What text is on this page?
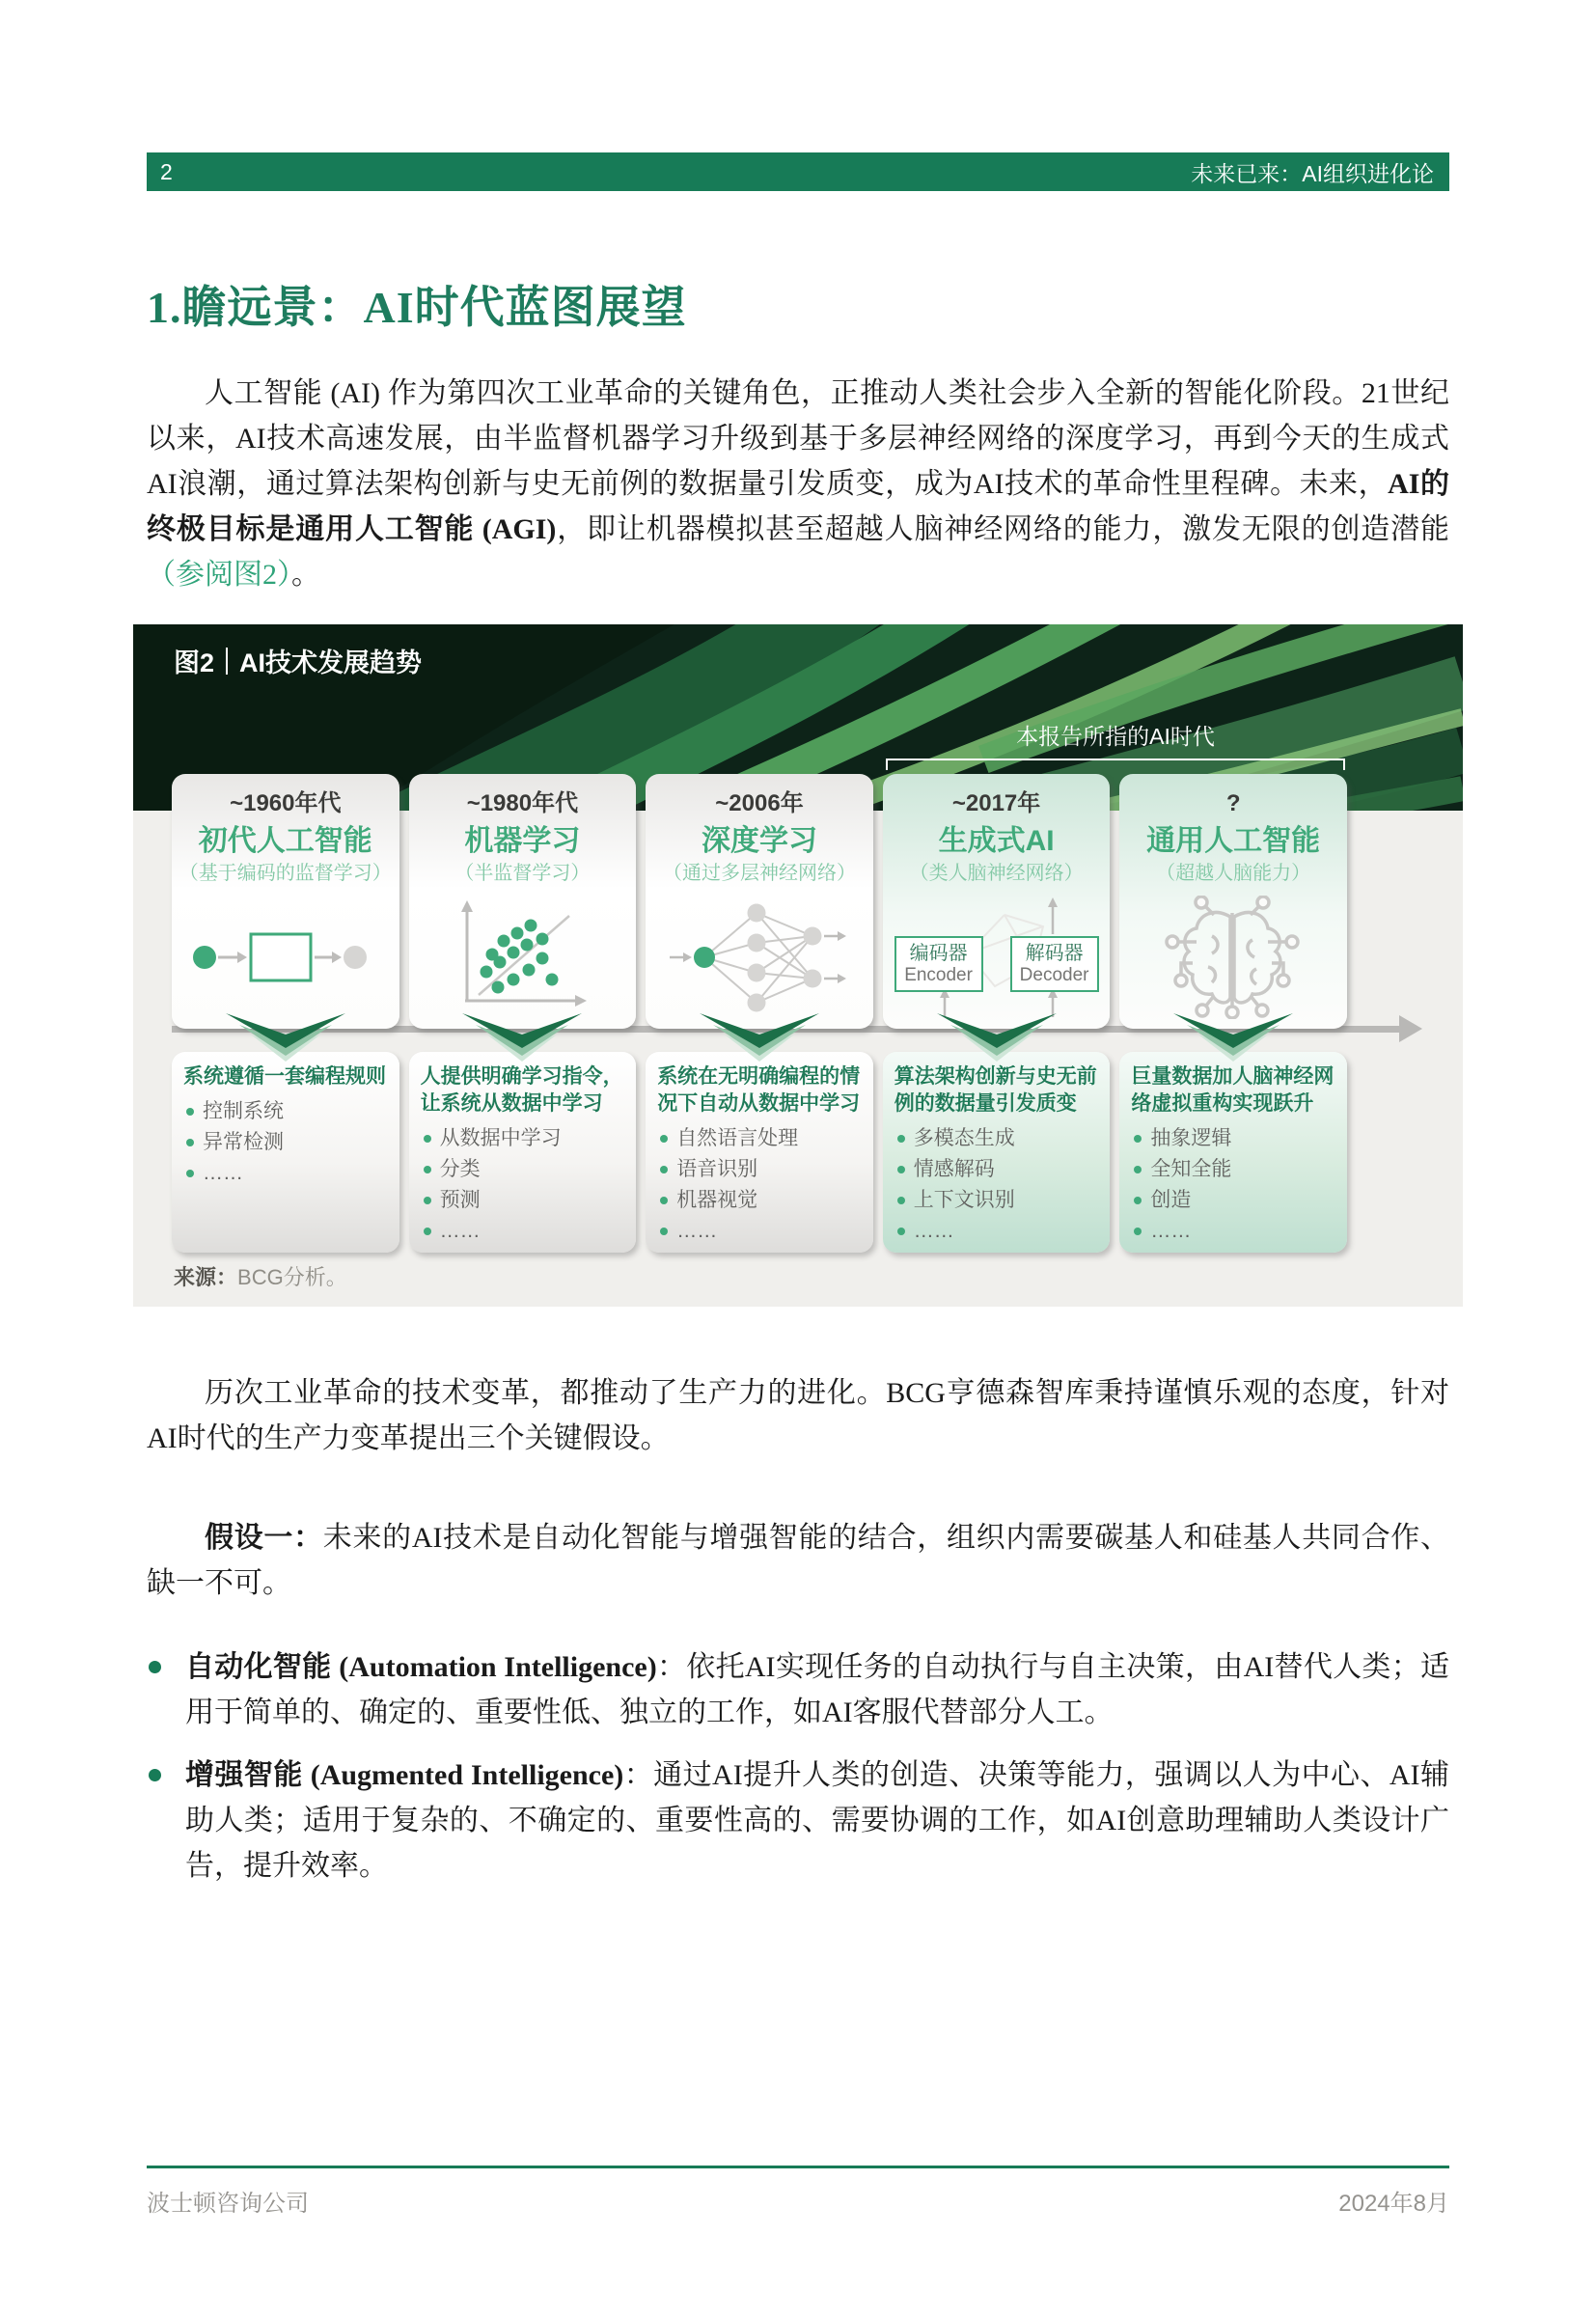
2	未来已来：AI组织进化论
1.瞻远景：AI时代蓝图展望

人工智能 (AI) 作为第四次工业革命的关键角色，正推动人类社会步入全新的智能化阶段。21世纪以来，AI技术高速发展，由半监督机器学习升级到基于多层神经网络的深度学习，再到今天的生成式AI浪潮，通过算法架构创新与史无前例的数据量引发质变，成为AI技术的革命性里程碑。未来，AI的终极目标是通用人工智能 (AGI)，即让机器模拟甚至超越人脑神经网络的能力，激发无限的创造潜能（参阅图2）。

图2 AI技术发展趋势
本报告所指的AI时代
~1960年代
初代人工智能
（基于编码的监督学习）
系统遵循一套编程规则
控制系统
异常检测
……
~1980年代
机器学习
（半监督学习）
人提供明确学习指令，让系统从数据中学习
从数据中学习
分类
预测
……
~2006年
深度学习
（通过多层神经网络）
系统在无明确编程的情况下自动从数据中学习
自然语言处理
语音识别
机器视觉
……
~2017年
生成式AI
（类人脑神经网络）
编码器
Encoder
解码器
Decoder
算法架构创新与史无前例的数据量引发质变
多模态生成
情感解码
上下文识别
……
?
通用人工智能
（超越人脑能力）
巨量数据加人脑神经网络虚拟重构实现跃升
抽象逻辑
全知全能
创造
……
来源：BCG分析。

历次工业革命的技术变革，都推动了生产力的进化。BCG亨德森智库秉持谨慎乐观的态度，针对AI时代的生产力变革提出三个关键假设。

假设一：未来的AI技术是自动化智能与增强智能的结合，组织内需要碳基人和硅基人共同合作、缺一不可。

自动化智能 (Automation Intelligence)：依托AI实现任务的自动执行与自主决策，由AI替代人类；适用于简单的、确定的、重要性低、独立的工作，如AI客服代替部分人工。
增强智能 (Augmented Intelligence)：通过AI提升人类的创造、决策等能力，强调以人为中心、AI辅助人类；适用于复杂的、不确定的、重要性高的、需要协调的工作，如AI创意助理辅助人类设计广告，提升效率。
波士顿咨询公司	2024年8月
